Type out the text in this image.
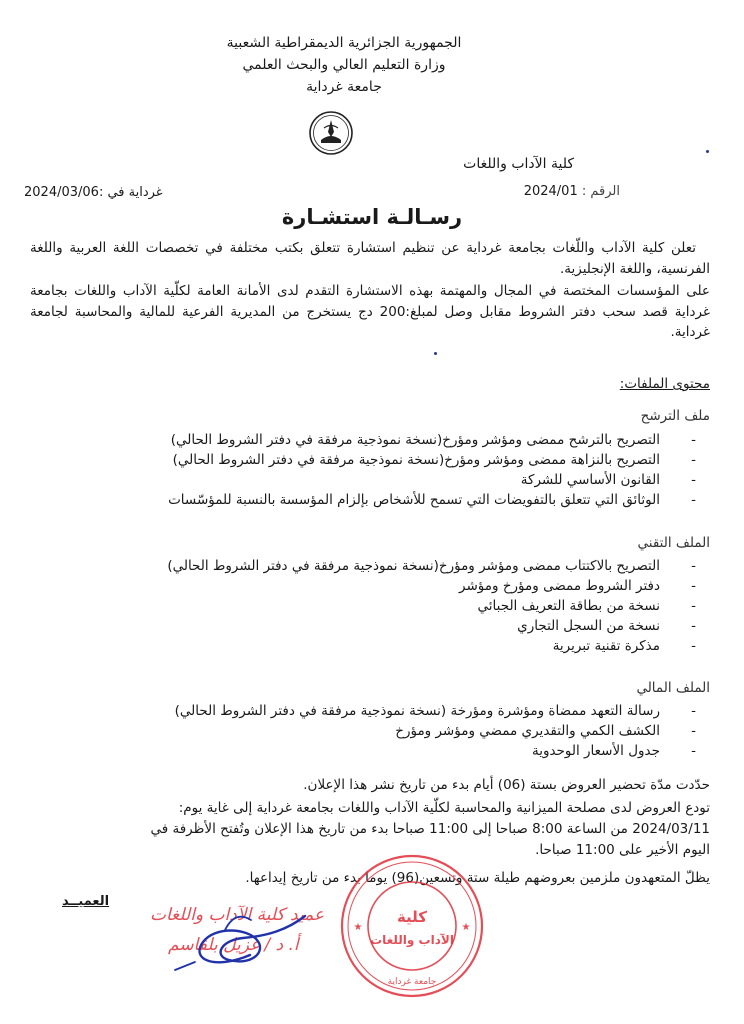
الجمهورية الجزائرية الديمقراطية الشعبية
وزارة التعليم العالي والبحث العلمي
جامعة غرداية
كلية الآداب واللغات
الرقم : 2024/01
غرداية في :2024/03/06
رسـالـة استشـارة
تعلن كلية الآداب واللّغات بجامعة غرداية عن تنظيم استشارة تتعلق بكتب مختلفة في تخصصات اللغة العربية واللغة الفرنسية، واللغة الإنجليزية.
على المؤسسات المختصة في المجال والمهتمة بهذه الاستشارة التقدم لدى الأمانة العامة لكلّية الآداب واللغات بجامعة غرداية قصد سحب دفتر الشروط مقابل وصل لمبلغ:200 دج يستخرج من المديرية الفرعية للمالية والمحاسبة لجامعة غرداية.
محتوى الملفات:
ملف الترشح
- التصريح بالترشح ممضى ومؤشر ومؤرخ(نسخة نموذجية مرفقة في دفتر الشروط الحالي)
- التصريح بالنزاهة ممضى ومؤشر ومؤرخ(نسخة نموذجية مرفقة في دفتر الشروط الحالي)
- القانون الأساسي للشركة
- الوثائق التي تتعلق بالتفويضات التي تسمح للأشخاص بإلزام المؤسسة بالنسبة للمؤسّسات
الملف التقني
- التصريح بالاكتتاب ممضى ومؤشر ومؤرخ(نسخة نموذجية مرفقة في دفتر الشروط الحالي)
- دفتر الشروط ممضى ومؤرخ ومؤشر
- نسخة من بطاقة التعريف الجبائي
- نسخة من السجل التجاري
- مذكرة تقنية تبريرية
الملف المالي
- رسالة التعهد ممضاة ومؤشرة ومؤرخة (نسخة نموذجية مرفقة في دفتر الشروط الحالي)
- الكشف الكمي والتقديري ممضي ومؤشر ومؤرخ
- جدول الأسعار الوحدوية
حدّدت مدّة تحضير العروض بستة (06) أيام بدء من تاريخ نشر هذا الإعلان.
تودع العروض لدى مصلحة الميزانية والمحاسبة لكلّية الآداب واللغات بجامعة غرداية إلى غاية يوم:
2024/03/11 من الساعة 8:00 صباحا إلى 11:00 صباحا بدء من تاريخ هذا الإعلان وتُفتح الأظرفة في
اليوم الأخير على 11:00 صباحا.
يظلّ المتعهدون ملزمين بعروضهم طيلة ستة وتسعين(96) يوما بدء من تاريخ إيداعها.
العميــد
كلية
الآداب واللغات
جامعة غرداية
★	★
عميد كلية الآداب واللغات
أ. د / غزيل بلقاسم
